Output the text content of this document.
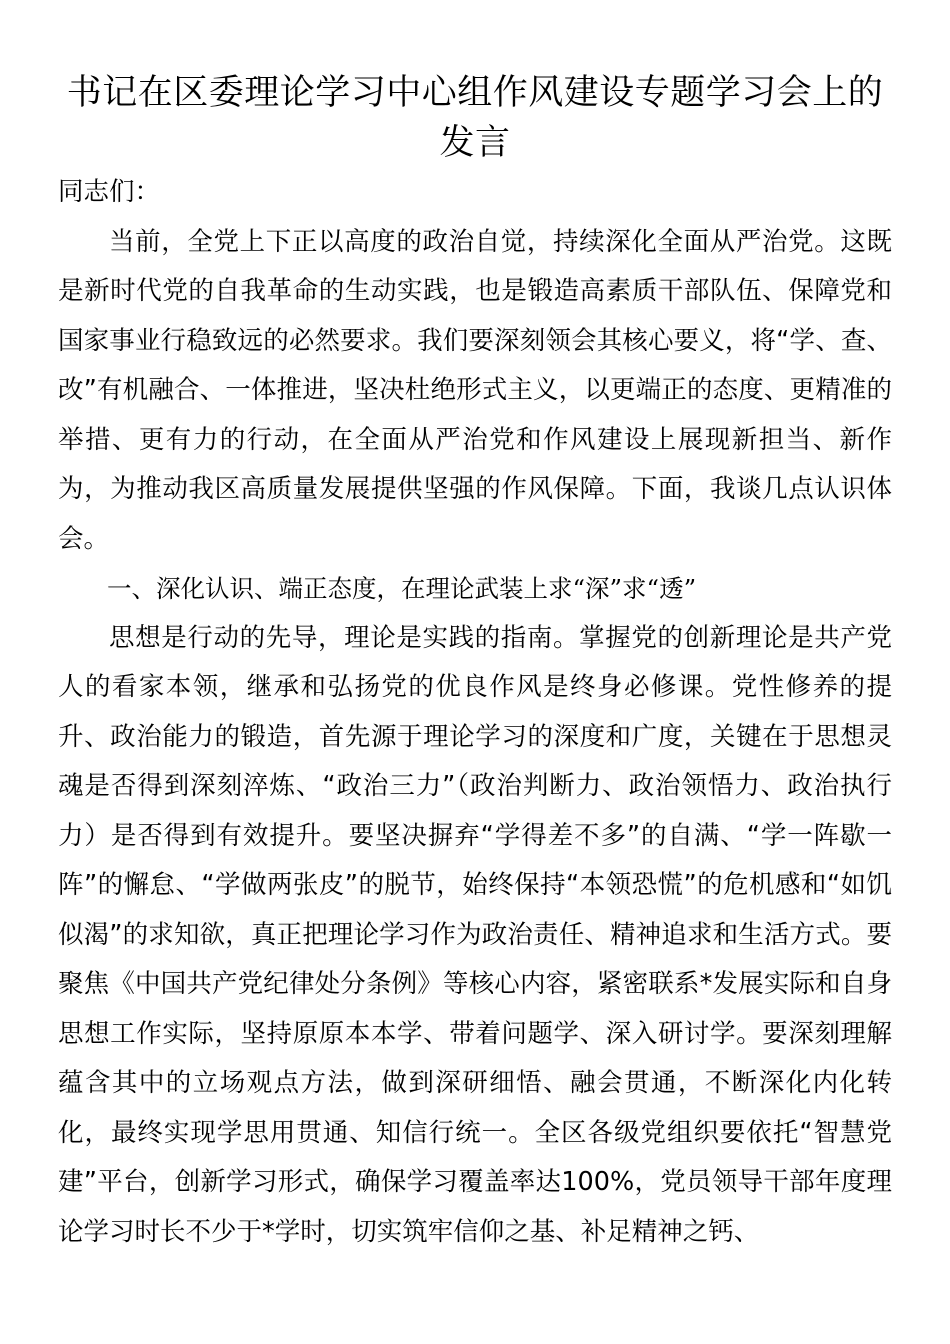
书记在区委理论学习中心组作风建设专题学习会上的发言

同志们：

当前，全党上下正以高度的政治自觉，持续深化全面从严治党。这既是新时代党的自我革命的生动实践，也是锻造高素质干部队伍、保障党和国家事业行稳致远的必然要求。我们要深刻领会其核心要义，将“学、查、改”有机融合、一体推进，坚决杜绝形式主义，以更端正的态度、更精准的举措、更有力的行动，在全面从严治党和作风建设上展现新担当、新作为，为推动我区高质量发展提供坚强的作风保障。下面，我谈几点认识体会。

一、深化认识、端正态度，在理论武装上求“深”求“透”

思想是行动的先导，理论是实践的指南。掌握党的创新理论是共产党人的看家本领，继承和弘扬党的优良作风是终身必修课。党性修养的提升、政治能力的锻造，首先源于理论学习的深度和广度，关键在于思想灵魂是否得到深刻淬炼、“政治三力”（政治判断力、政治领悟力、政治执行力）是否得到有效提升。要坚决摒弃“学得差不多”的自满、“学一阵歇一阵”的懈怠、“学做两张皮”的脱节，始终保持“本领恐慌”的危机感和“如饥似渴”的求知欲，真正把理论学习作为政治责任、精神追求和生活方式。要聚焦《中国共产党纪律处分条例》等核心内容，紧密联系*发展实际和自身思想工作实际，坚持原原本本学、带着问题学、深入研讨学。要深刻理解蕴含其中的立场观点方法，做到深研细悟、融会贯通，不断深化内化转化，最终实现学思用贯通、知信行统一。全区各级党组织要依托“智慧党建”平台，创新学习形式，确保学习覆盖率达100%，党员领导干部年度理论学习时长不少于*学时，切实筑牢信仰之基、补足精神之钙、
